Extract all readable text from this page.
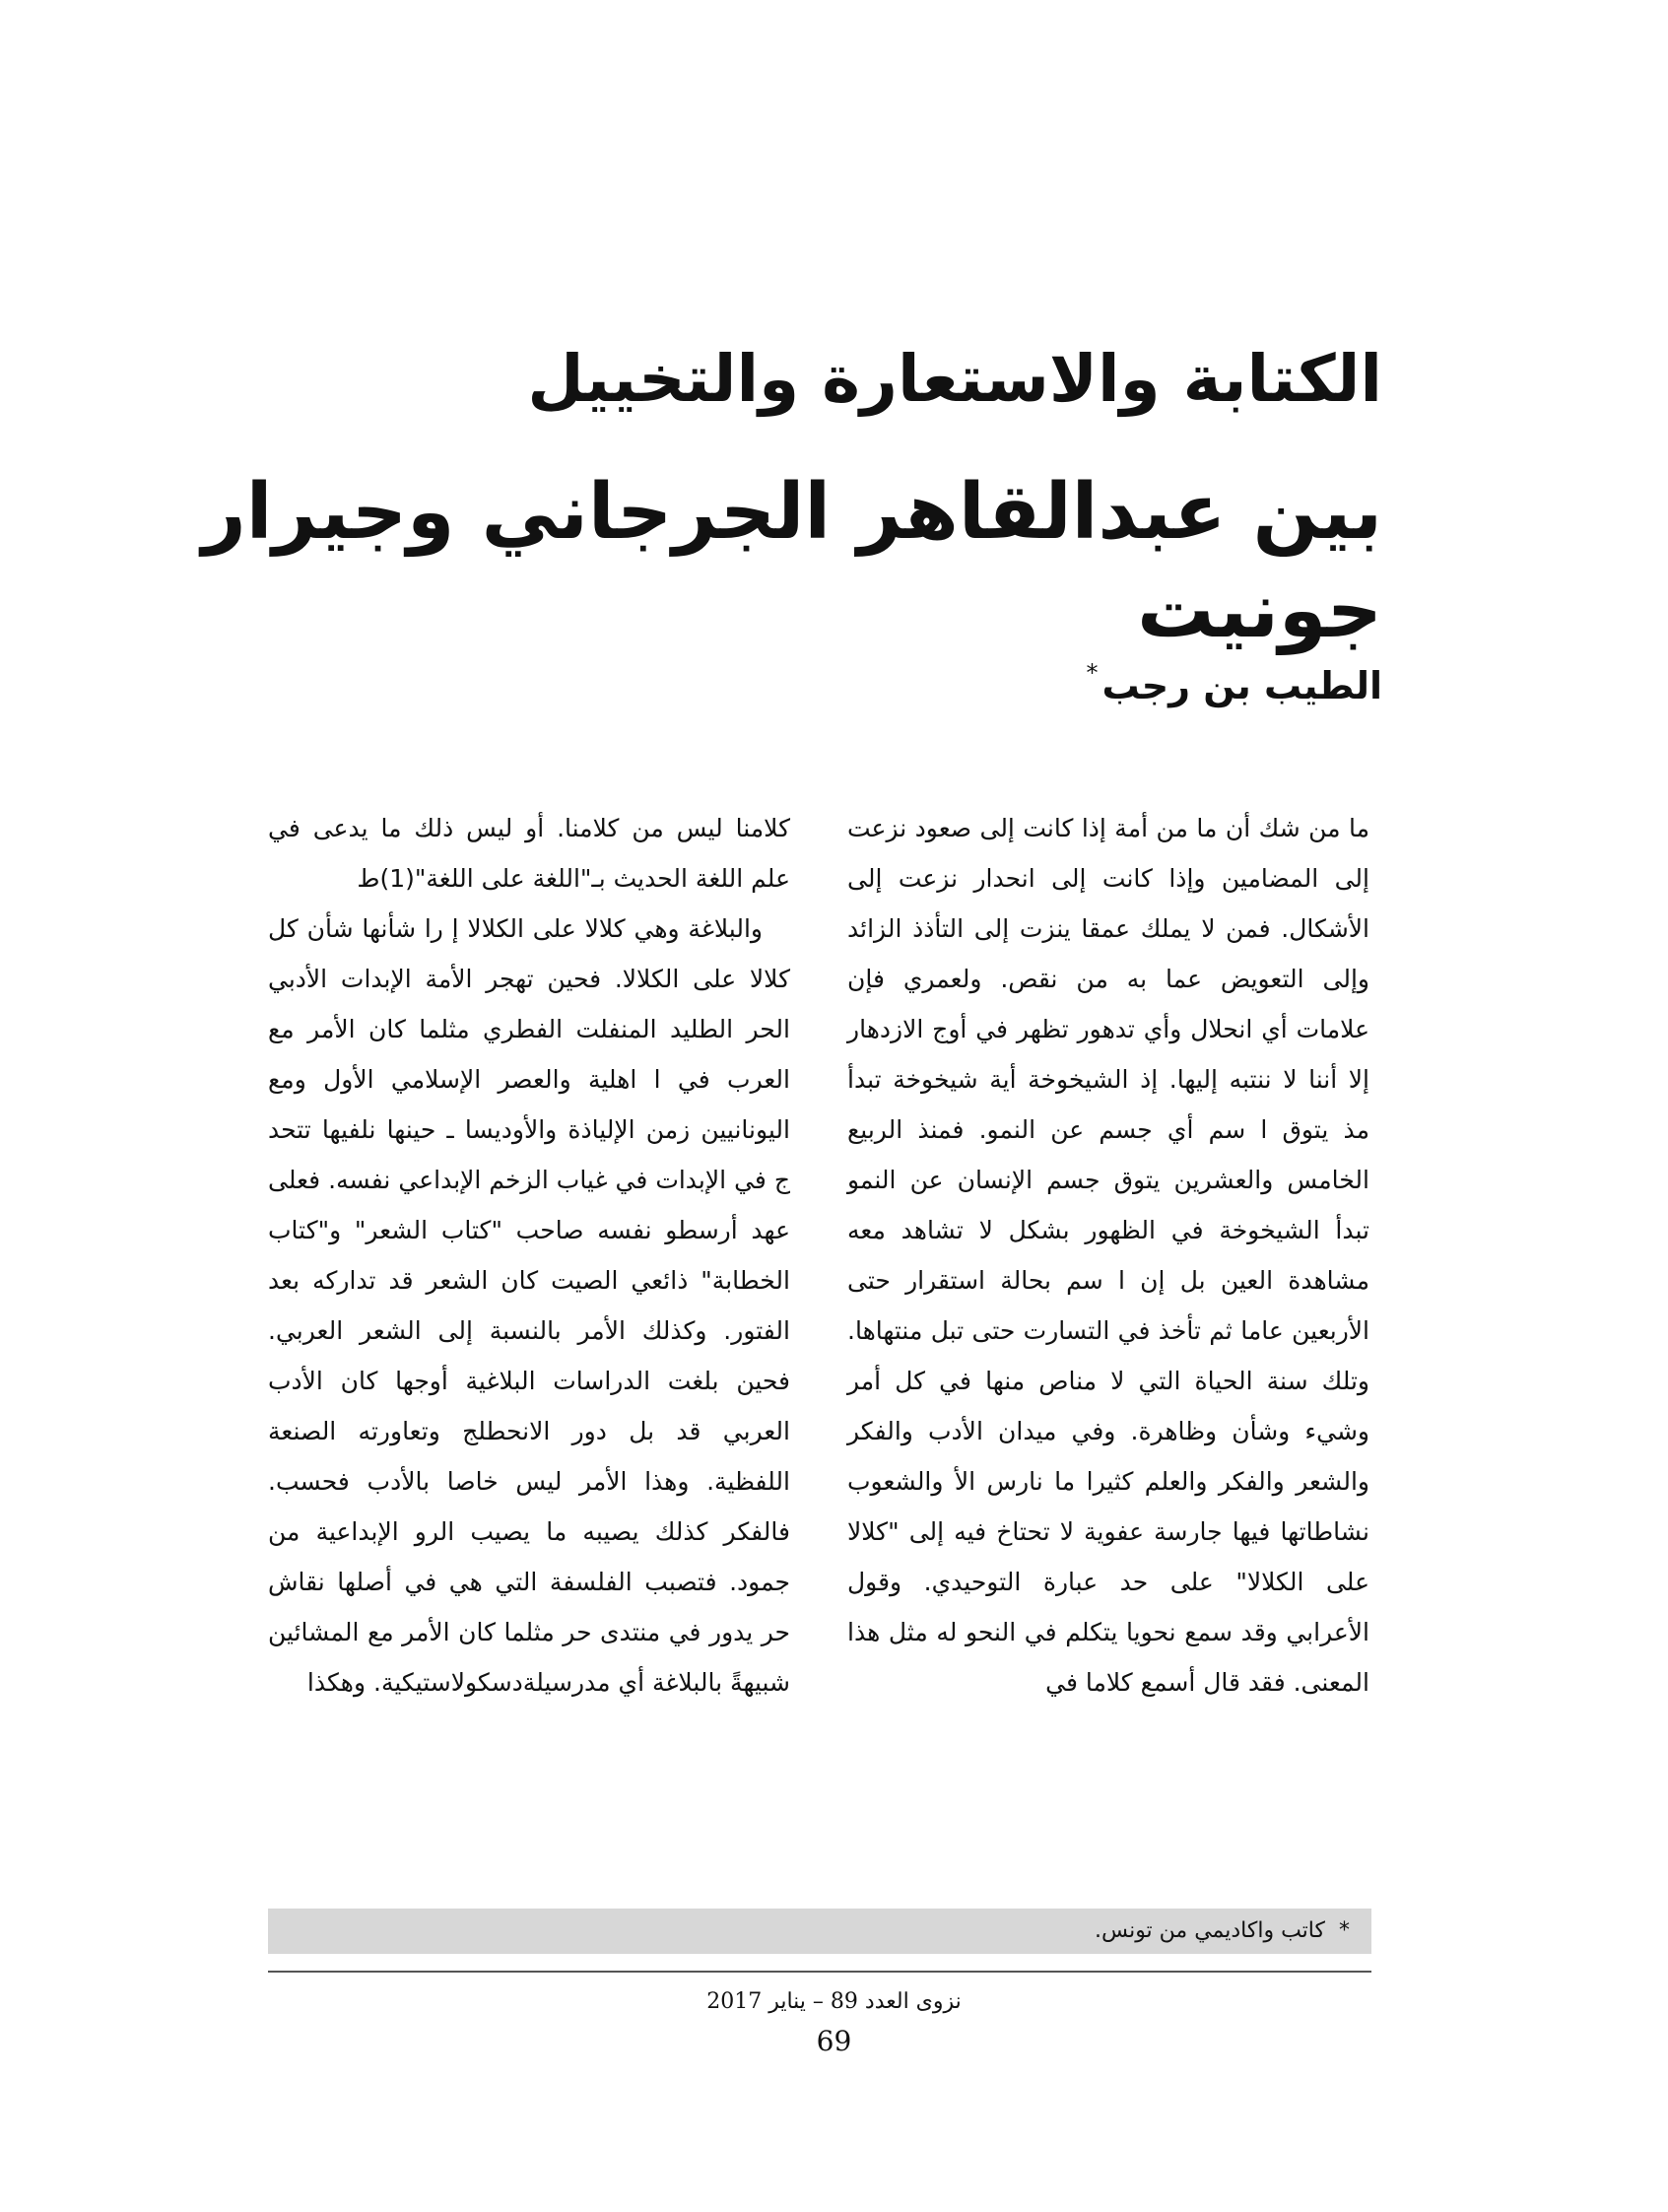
الكتابة والاستعارة والتخييل
بين عبدالقاهر الجرجاني وجيرار جونيت
الطيب بن رجب*

ما من شك أن ما من أمة إذا كانت إلى صعود نزعت إلى المضامين وإذا كانت إلى انحدار نزعت إلى الأشكال. فمن لا يملك عمقا ينزت إلى التأذذ الزائد وإلى التعويض عما به من نقص. ولعمري فإن علامات أي انحلال وأي تدهور تظهر في أوج الازدهار إلا أننا لا ننتبه إليها. إذ الشيخوخة أية شيخوخة تبدأ مذ يتوق ا سم أي جسم عن النمو. فمنذ الربيع الخامس والعشرين يتوق جسم الإنسان عن النمو تبدأ الشيخوخة في الظهور بشكل لا تشاهد معه مشاهدة العين بل إن ا سم بحالة استقرار حتى الأربعين عاما ثم تأخذ في التسارت حتى تبل منتهاها. وتلك سنة الحياة التي لا مناص منها في كل أمر وشيء وشأن وظاهرة. وفي ميدان الأدب والفكر والشعر والفكر والعلم كثيرا ما نارس الأ والشعوب نشاطاتها فيها جارسة عفوية لا تحتاخ فيه إلى "كلالا على الكلالا" على حد عبارة التوحيدي. وقول الأعرابي وقد سمع نحويا يتكلم في النحو له مثل هذا المعنى. فقد قال أسمع كلاما في

كلامنا ليس من كلامنا. أو ليس ذلك ما يدعى في علم اللغة الحديث بـ"اللغة على اللغة"(1)ط

والبلاغة وهي كلالا على الكلالا إ را شأنها شأن كل كلالا على الكلالا. فحين تهجر الأمة الإبدات الأدبي الحر الطليد المنفلت الفطري مثلما كان الأمر مع العرب في ا اهلية والعصر الإسلامي الأول ومع اليونانيين زمن الإلياذة والأوديسا ـ حينها نلفيها تتحد ج في الإبدات في غياب الزخم الإبداعي نفسه. فعلى عهد أرسطو نفسه صاحب "كتاب الشعر" و"كتاب الخطابة" ذائعي الصيت كان الشعر قد تداركه بعد الفتور. وكذلك الأمر بالنسبة إلى الشعر العربي. فحين بلغت الدراسات البلاغية أوجها كان الأدب العربي قد بل دور الانحطلج وتعاورته الصنعة اللفظية. وهذا الأمر ليس خاصا بالأدب فحسب. فالفكر كذلك يصيبه ما يصيب الرو الإبداعية من جمود. فتصبب الفلسفة التي هي في أصلها نقاش حر يدور في منتدى حر مثلما كان الأمر مع المشائين شبيهةً بالبلاغة أي مدرسيلةدسكولاستيكية. وهكذا

*  كاتب واكاديمي من تونس.
نزوى العدد 89 – يناير 2017
69
